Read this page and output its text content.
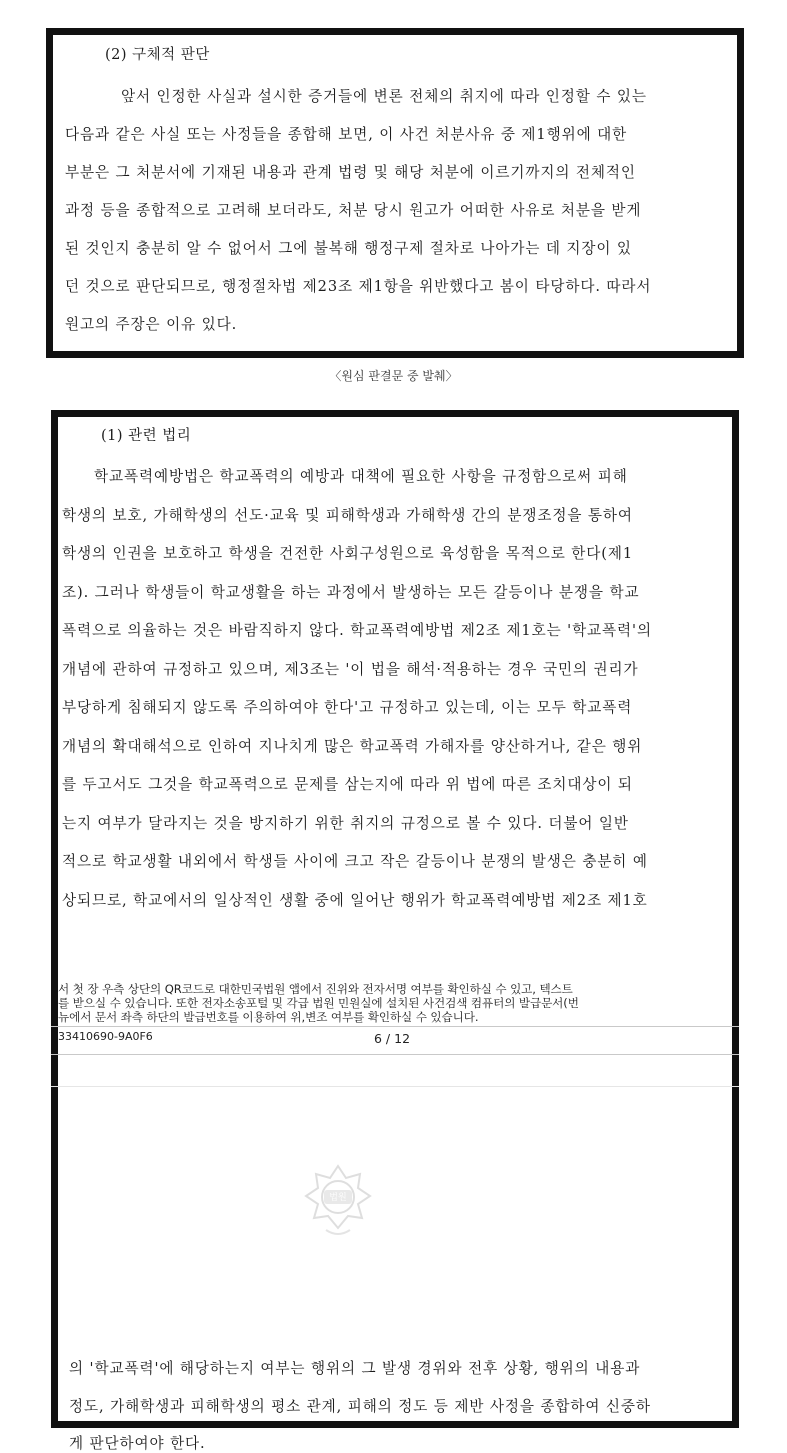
(2) 구체적 판단
앞서 인정한 사실과 설시한 증거들에 변론 전체의 취지에 따라 인정할 수 있는
다음과 같은 사실 또는 사정들을 종합해 보면, 이 사건 처분사유 중 제1행위에 대한
부분은 그 처분서에 기재된 내용과 관계 법령 및 해당 처분에 이르기까지의 전체적인
과정 등을 종합적으로 고려해 보더라도, 처분 당시 원고가 어떠한 사유로 처분을 받게
된 것인지 충분히 알 수 없어서 그에 불복해 행정구제 절차로 나아가는 데 지장이 있
던 것으로 판단되므로, 행정절차법 제23조 제1항을 위반했다고 봄이 타당하다. 따라서
원고의 주장은 이유 있다.
〈원심 판결문 중 발췌〉
(1) 관련 법리
학교폭력예방법은 학교폭력의 예방과 대책에 필요한 사항을 규정함으로써 피해
학생의 보호, 가해학생의 선도·교육 및 피해학생과 가해학생 간의 분쟁조정을 통하여
학생의 인권을 보호하고 학생을 건전한 사회구성원으로 육성함을 목적으로 한다(제1
조). 그러나 학생들이 학교생활을 하는 과정에서 발생하는 모든 갈등이나 분쟁을 학교
폭력으로 의율하는 것은 바람직하지 않다. 학교폭력예방법 제2조 제1호는 '학교폭력'의
개념에 관하여 규정하고 있으며, 제3조는 '이 법을 해석·적용하는 경우 국민의 권리가
부당하게 침해되지 않도록 주의하여야 한다'고 규정하고 있는데, 이는 모두 학교폭력
개념의 확대해석으로 인하여 지나치게 많은 학교폭력 가해자를 양산하거나, 같은 행위
를 두고서도 그것을 학교폭력으로 문제를 삼는지에 따라 위 법에 따른 조치대상이 되
는지 여부가 달라지는 것을 방지하기 위한 취지의 규정으로 볼 수 있다. 더불어 일반
적으로 학교생활 내외에서 학생들 사이에 크고 작은 갈등이나 분쟁의 발생은 충분히 예
상되므로, 학교에서의 일상적인 생활 중에 일어난 행위가 학교폭력예방법 제2조 제1호
서 첫 장 우측 상단의 QR코드로 대한민국법원 앱에서 진위와 전자서명 여부를 확인하실 수 있고, 텍스트
를 받으실 수 있습니다. 또한 전자소송포털 및 각급 법원 민원실에 설치된 사건검색 컴퓨터의 발급문서(번
뉴에서 문서 좌측 하단의 발급번호를 이용하여 위,변조 여부를 확인하실 수 있습니다.
33410690-9A0F6	6 / 12
의 '학교폭력'에 해당하는지 여부는 행위의 그 발생 경위와 전후 상황, 행위의 내용과
정도, 가해학생과 피해학생의 평소 관계, 피해의 정도 등 제반 사정을 종합하여 신중하
게 판단하여야 한다.
법원
